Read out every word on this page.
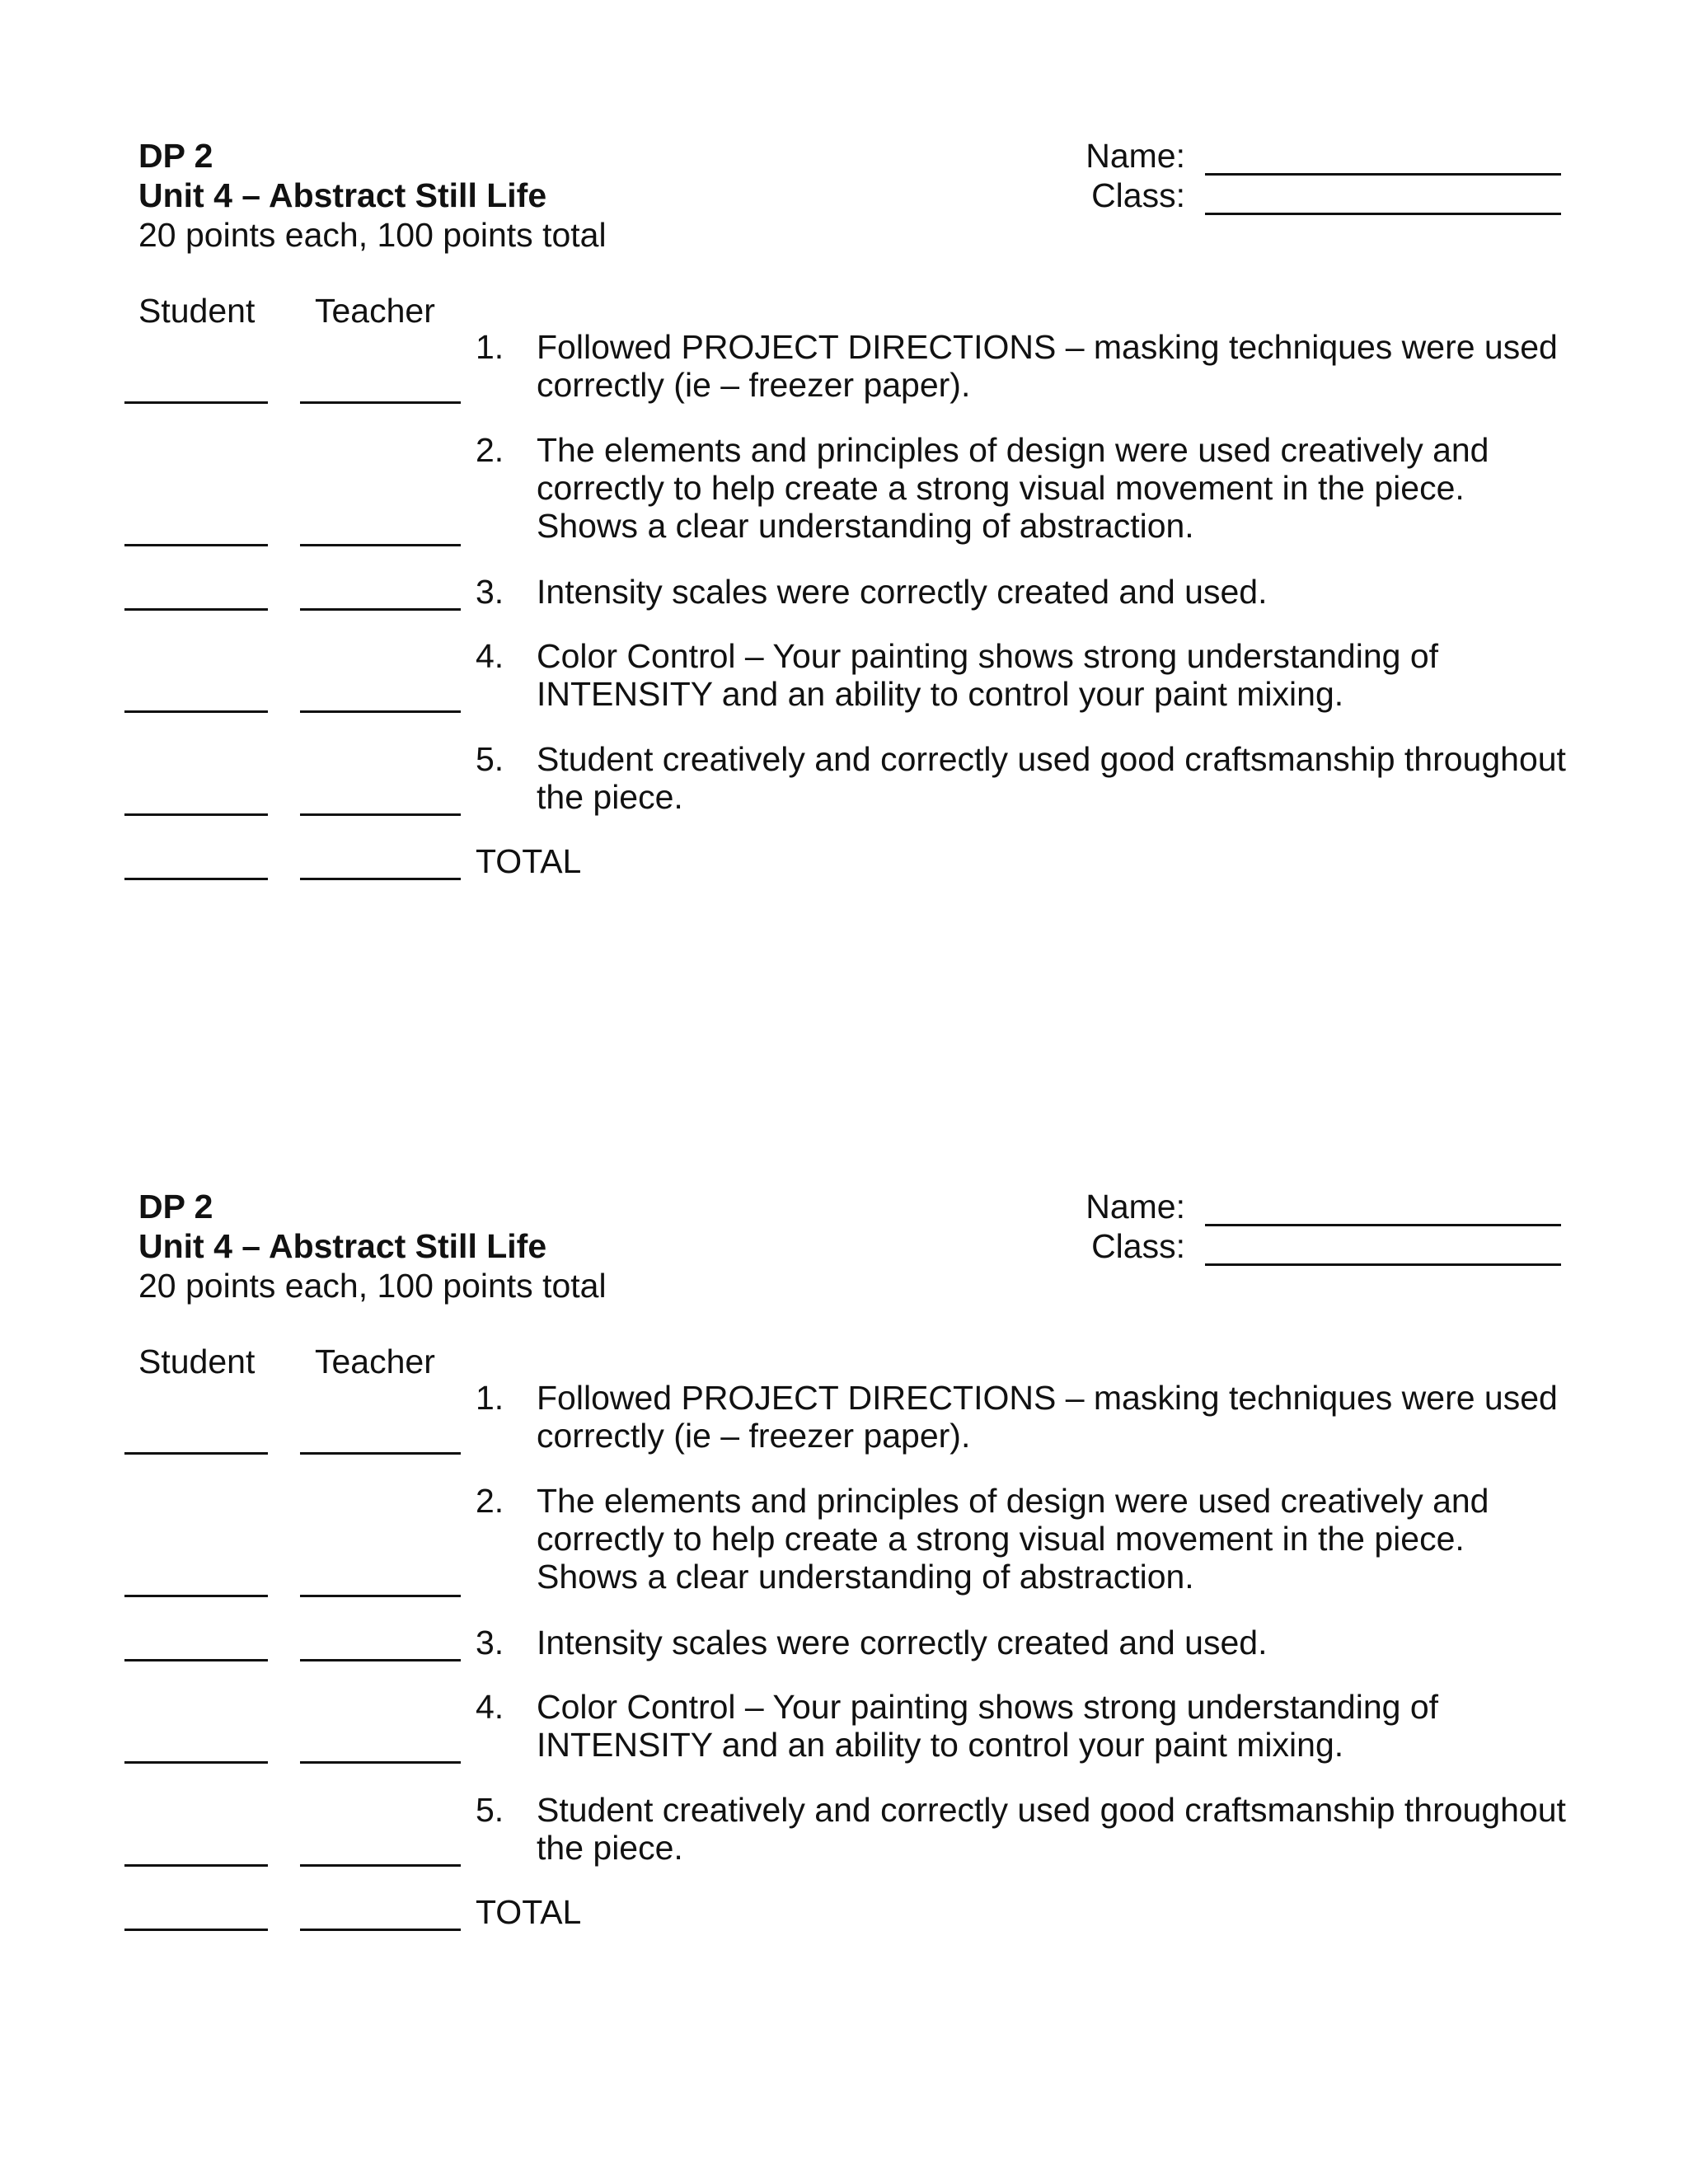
DP 2
Unit 4 – Abstract Still Life
20 points each, 100 points total
Name:
Class:
Student Teacher
1. Followed PROJECT DIRECTIONS – masking techniques were used correctly (ie – freezer paper).
2. The elements and principles of design were used creatively and correctly to help create a strong visual movement in the piece. Shows a clear understanding of abstraction.
3. Intensity scales were correctly created and used.
4. Color Control – Your painting shows strong understanding of INTENSITY and an ability to control your paint mixing.
5. Student creatively and correctly used good craftsmanship throughout the piece.
TOTAL
DP 2
Unit 4 – Abstract Still Life
20 points each, 100 points total
Name:
Class:
Student Teacher
1. Followed PROJECT DIRECTIONS – masking techniques were used correctly (ie – freezer paper).
2. The elements and principles of design were used creatively and correctly to help create a strong visual movement in the piece. Shows a clear understanding of abstraction.
3. Intensity scales were correctly created and used.
4. Color Control – Your painting shows strong understanding of INTENSITY and an ability to control your paint mixing.
5. Student creatively and correctly used good craftsmanship throughout the piece.
TOTAL
